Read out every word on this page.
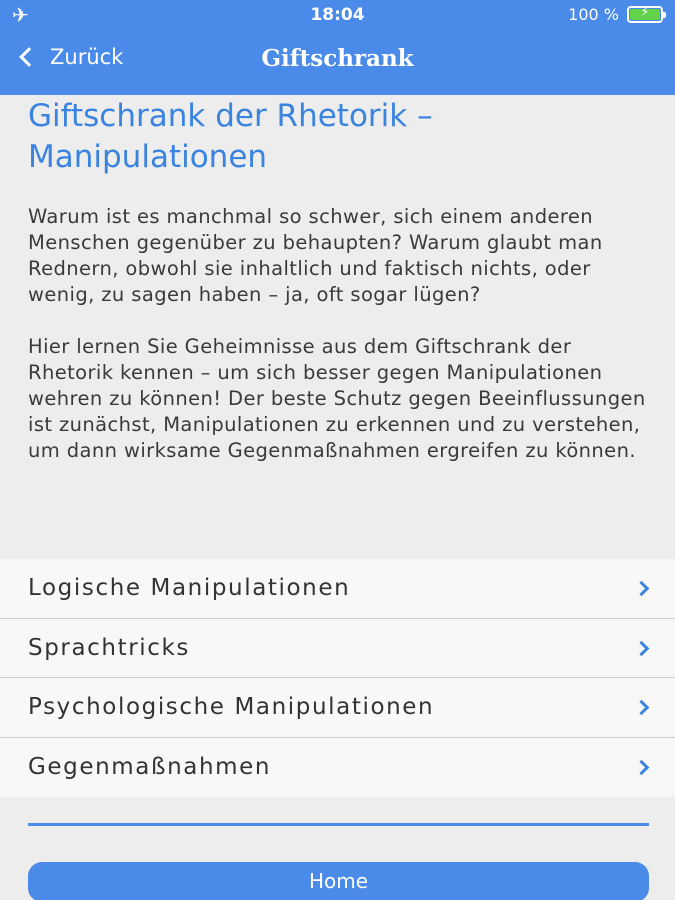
✈	18:04	100 %	⚡
Zurück	Giftschrank
Giftschrank der Rhetorik – Manipulationen

Warum ist es manchmal so schwer, sich einem anderen Menschen gegenüber zu behaupten? Warum glaubt man Rednern, obwohl sie inhaltlich und faktisch nichts, oder wenig, zu sagen haben – ja, oft sogar lügen?

Hier lernen Sie Geheimnisse aus dem Giftschrank der Rhetorik kennen – um sich besser gegen Manipulationen wehren zu können! Der beste Schutz gegen Beeinflussungen ist zunächst, Manipulationen zu erkennen und zu verstehen, um dann wirksame Gegenmaßnahmen ergreifen zu können.

Logische Manipulationen
Sprachtricks
Psychologische Manipulationen
Gegenmaßnahmen
Home
